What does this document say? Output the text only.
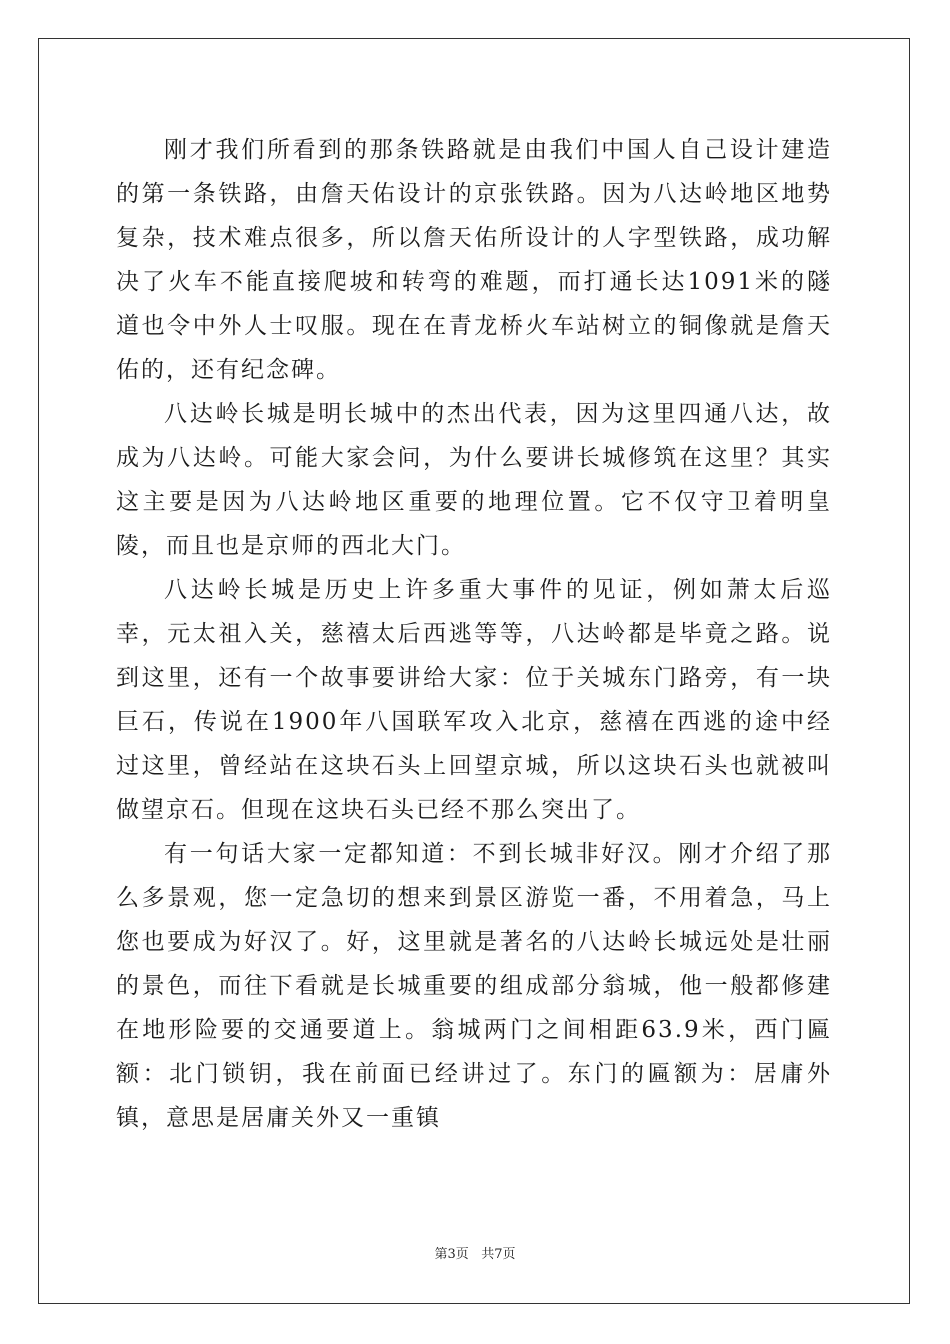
刚才我们所看到的那条铁路就是由我们中国人自己设计建造的第一条铁路，由詹天佑设计的京张铁路。因为八达岭地区地势复杂，技术难点很多，所以詹天佑所设计的人字型铁路，成功解决了火车不能直接爬坡和转弯的难题，而打通长达1091米的隧道也令中外人士叹服。现在在青龙桥火车站树立的铜像就是詹天佑的，还有纪念碑。

八达岭长城是明长城中的杰出代表，因为这里四通八达，故成为八达岭。可能大家会问，为什么要讲长城修筑在这里？其实这主要是因为八达岭地区重要的地理位置。它不仅守卫着明皇陵，而且也是京师的西北大门。

八达岭长城是历史上许多重大事件的见证，例如萧太后巡幸，元太祖入关，慈禧太后西逃等等，八达岭都是毕竟之路。说到这里，还有一个故事要讲给大家：位于关城东门路旁，有一块巨石，传说在1900年八国联军攻入北京，慈禧在西逃的途中经过这里，曾经站在这块石头上回望京城，所以这块石头也就被叫做望京石。但现在这块石头已经不那么突出了。

有一句话大家一定都知道：不到长城非好汉。刚才介绍了那么多景观，您一定急切的想来到景区游览一番，不用着急，马上您也要成为好汉了。好，这里就是著名的八达岭长城远处是壮丽的景色，而往下看就是长城重要的组成部分翁城，他一般都修建在地形险要的交通要道上。翁城两门之间相距63.9米，西门匾额：北门锁钥，我在前面已经讲过了。东门的匾额为：居庸外镇，意思是居庸关外又一重镇

第3页 共7页
